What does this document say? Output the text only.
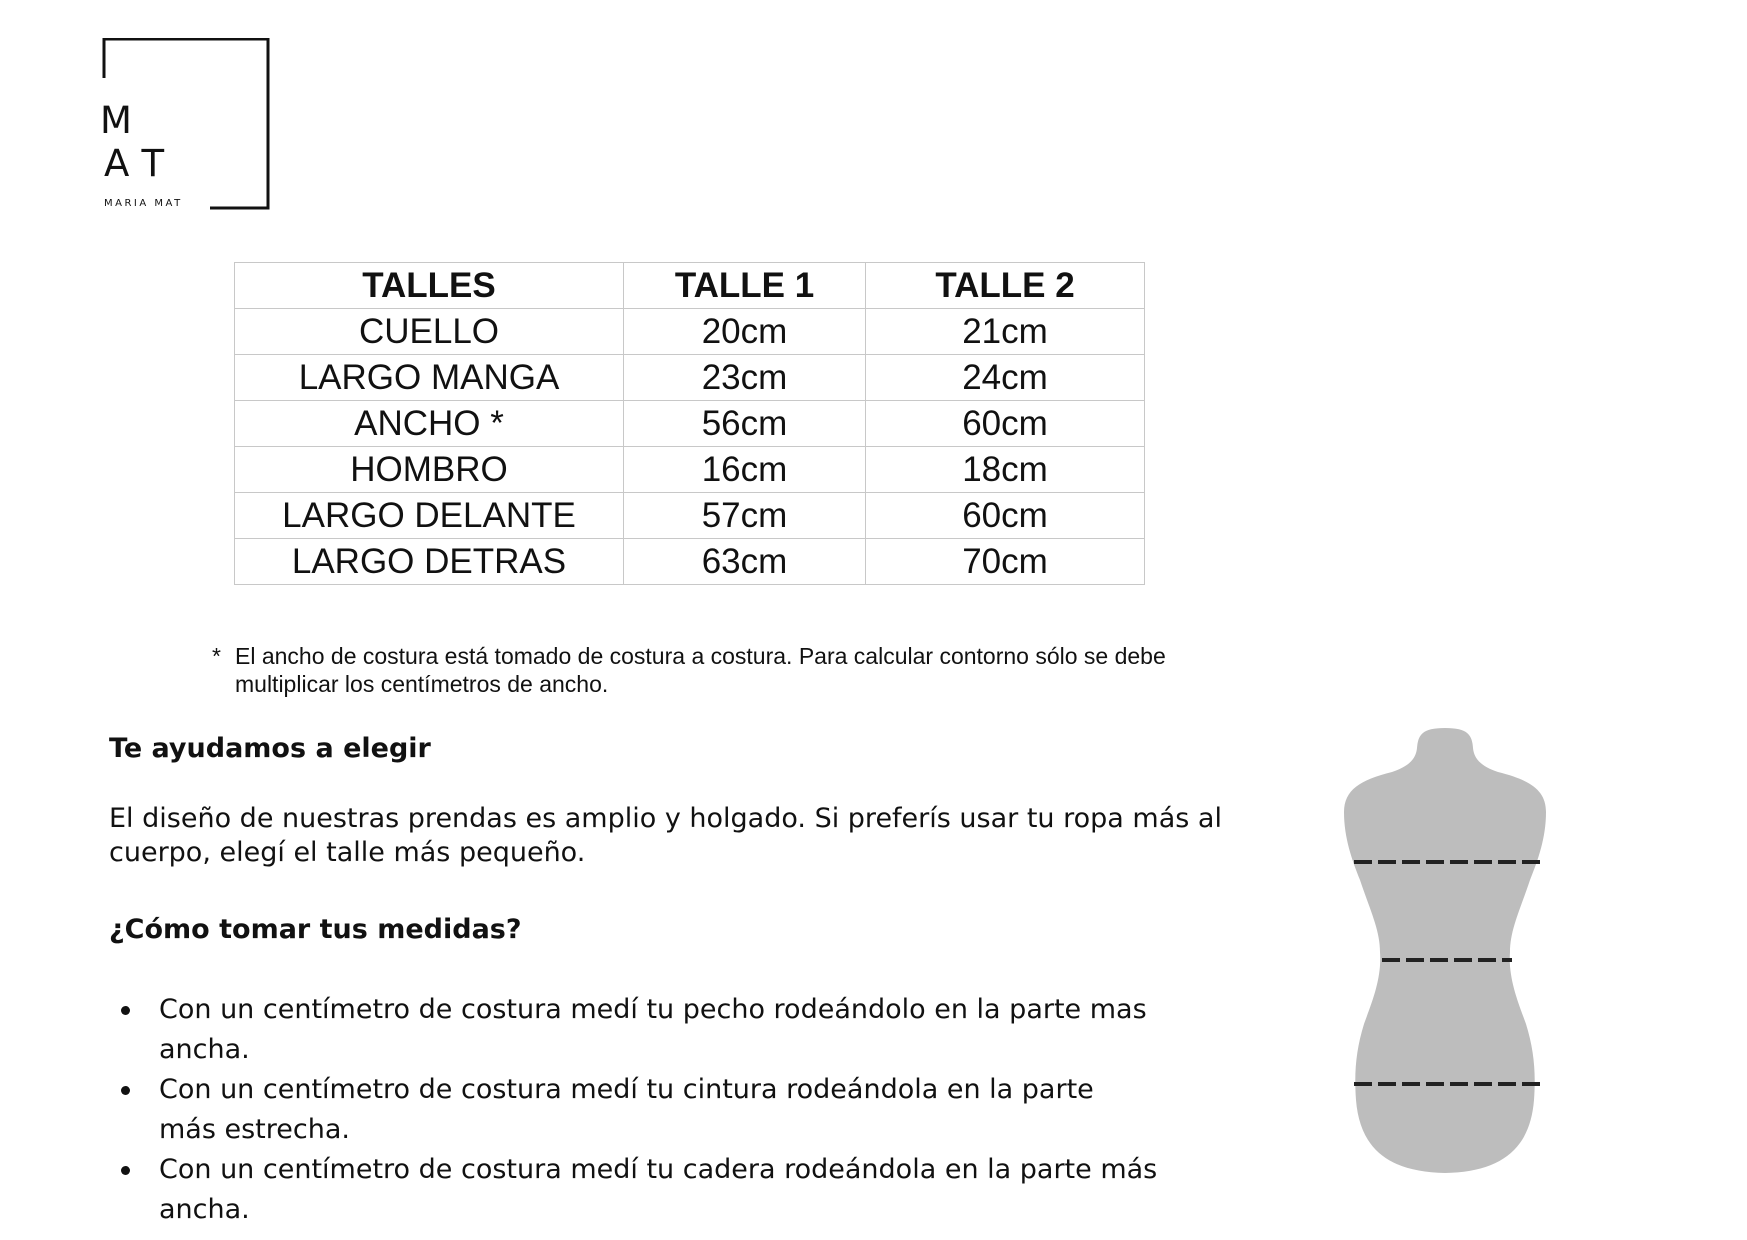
M
AT
MARIA MAT
TALLES	TALLE 1	TALLE 2
CUELLO	20cm	21cm
LARGO MANGA	23cm	24cm
ANCHO *	56cm	60cm
HOMBRO	16cm	18cm
LARGO DELANTE	57cm	60cm
LARGO DETRAS	63cm	70cm
* El ancho de costura está tomado de costura a costura. Para calcular contorno sólo se debe multiplicar los centímetros de ancho.
Te ayudamos a elegir
El diseño de nuestras prendas es amplio y holgado. Si preferís usar tu ropa más al cuerpo, elegí el talle más pequeño.
¿Cómo tomar tus medidas?
Con un centímetro de costura medí tu pecho rodeándolo en la parte mas ancha.
Con un centímetro de costura medí tu cintura rodeándola en la parte más estrecha.
Con un centímetro de costura medí tu cadera rodeándola en la parte más ancha.
